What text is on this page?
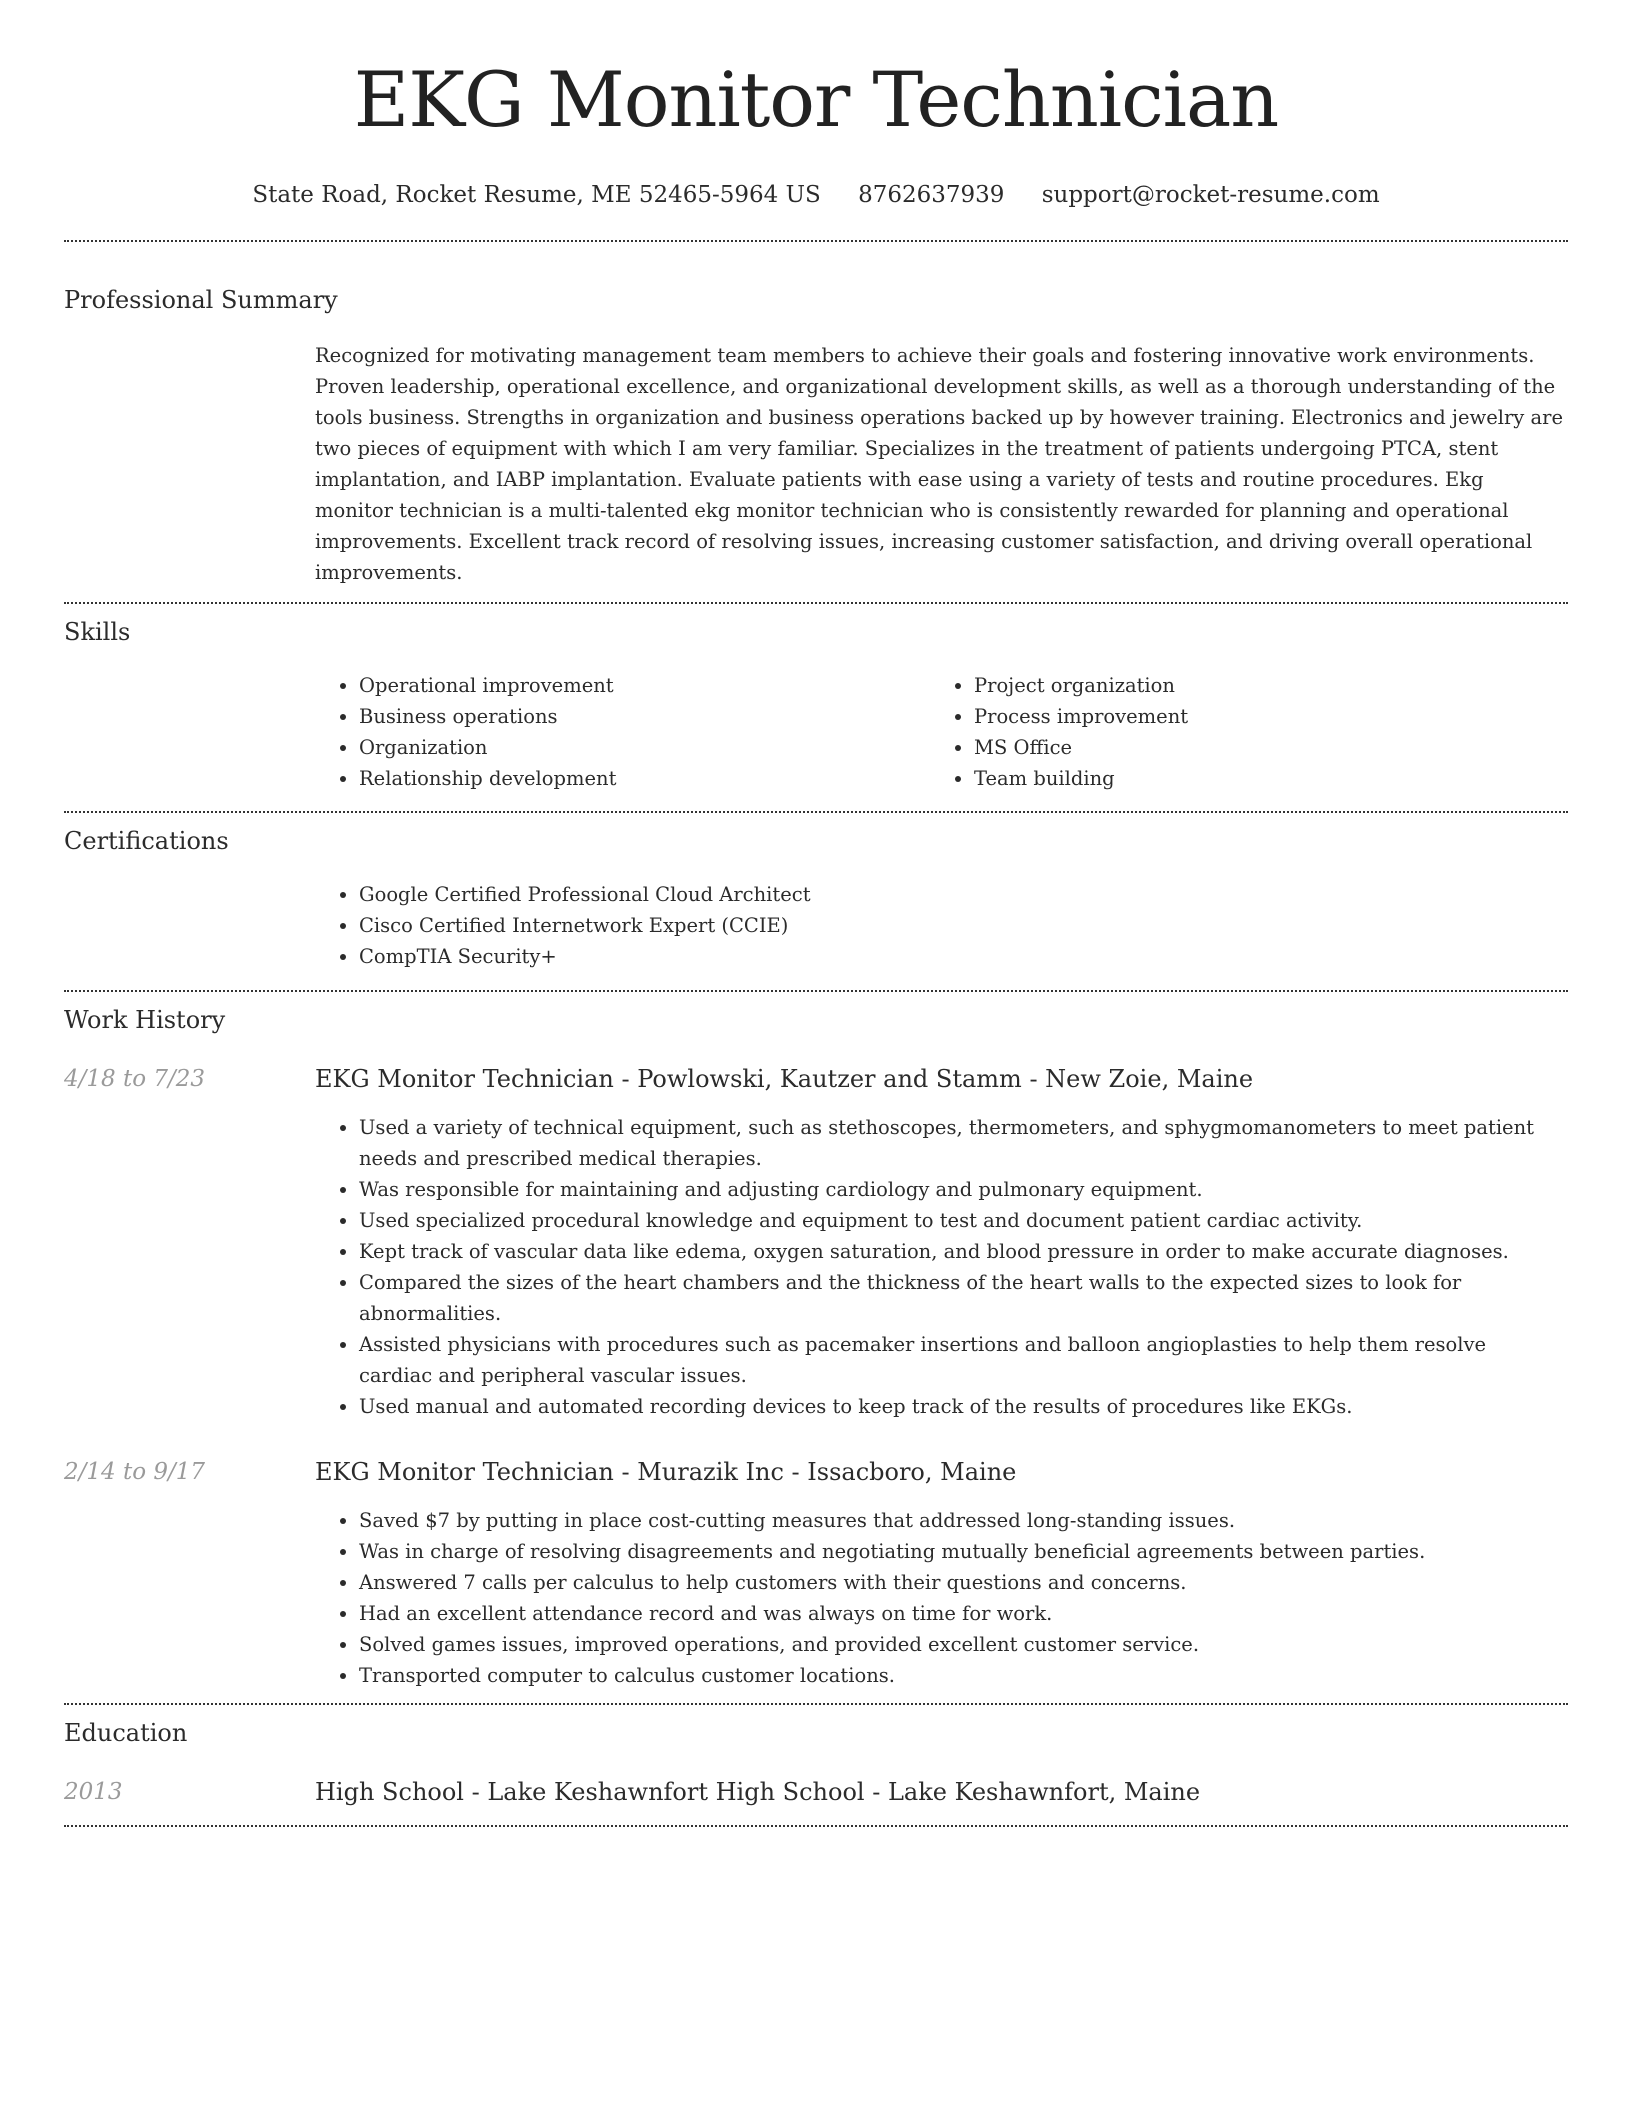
EKG Monitor Technician
State Road, Rocket Resume, ME 52465-5964 US 8762637939 support@rocket-resume.com
Professional Summary

Recognized for motivating management team members to achieve their goals and fostering innovative work environments. Proven leadership, operational excellence, and organizational development skills, as well as a thorough understanding of the tools business. Strengths in organization and business operations backed up by however training. Electronics and jewelry are two pieces of equipment with which I am very familiar. Specializes in the treatment of patients undergoing PTCA, stent implantation, and IABP implantation. Evaluate patients with ease using a variety of tests and routine procedures. Ekg monitor technician is a multi-talented ekg monitor technician who is consistently rewarded for planning and operational improvements. Excellent track record of resolving issues, increasing customer satisfaction, and driving overall operational improvements.

Skills
• Operational improvement
• Business operations
• Organization
• Relationship development
• Project organization
• Process improvement
• MS Office
• Team building
Certifications
• Google Certified Professional Cloud Architect
• Cisco Certified Internetwork Expert (CCIE)
• CompTIA Security+
Work History
4/18 to 7/23	EKG Monitor Technician - Powlowski, Kautzer and Stamm - New Zoie, Maine
• Used a variety of technical equipment, such as stethoscopes, thermometers, and sphygmomanometers to meet patient needs and prescribed medical therapies.
• Was responsible for maintaining and adjusting cardiology and pulmonary equipment.
• Used specialized procedural knowledge and equipment to test and document patient cardiac activity.
• Kept track of vascular data like edema, oxygen saturation, and blood pressure in order to make accurate diagnoses.
• Compared the sizes of the heart chambers and the thickness of the heart walls to the expected sizes to look for abnormalities.
• Assisted physicians with procedures such as pacemaker insertions and balloon angioplasties to help them resolve cardiac and peripheral vascular issues.
• Used manual and automated recording devices to keep track of the results of procedures like EKGs.
2/14 to 9/17	EKG Monitor Technician - Murazik Inc - Issacboro, Maine
• Saved $7 by putting in place cost-cutting measures that addressed long-standing issues.
• Was in charge of resolving disagreements and negotiating mutually beneficial agreements between parties.
• Answered 7 calls per calculus to help customers with their questions and concerns.
• Had an excellent attendance record and was always on time for work.
• Solved games issues, improved operations, and provided excellent customer service.
• Transported computer to calculus customer locations.
Education
2013	High School - Lake Keshawnfort High School - Lake Keshawnfort, Maine
